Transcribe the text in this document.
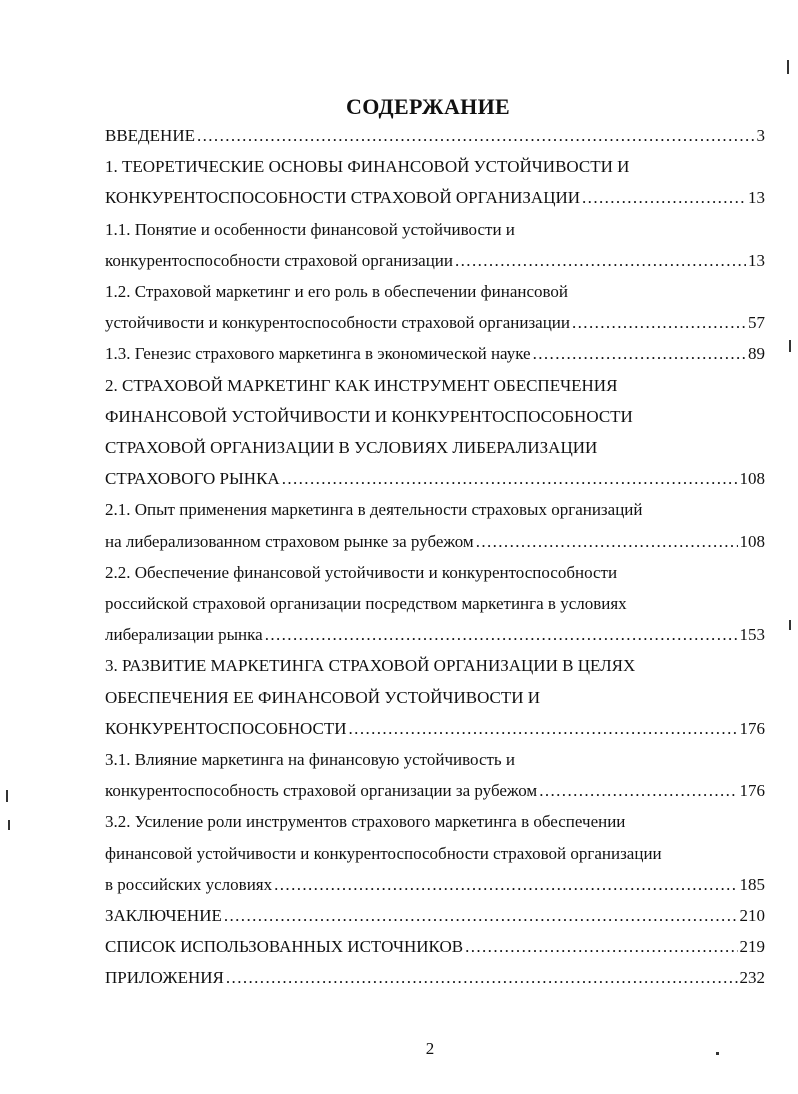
СОДЕРЖАНИЕ
ВВЕДЕНИЕ .....	3
1. ТЕОРЕТИЧЕСКИЕ ОСНОВЫ ФИНАНСОВОЙ УСТОЙЧИВОСТИ И
КОНКУРЕНТОСПОСОБНОСТИ СТРАХОВОЙ ОРГАНИЗАЦИИ .....	13
1.1. Понятие и особенности финансовой устойчивости и
конкурентоспособности страховой организации .....	13
1.2. Страховой маркетинг и его роль в обеспечении финансовой
устойчивости и конкурентоспособности страховой организации .....	57
1.3. Генезис страхового маркетинга в экономической науке .....	89
2. СТРАХОВОЙ МАРКЕТИНГ КАК ИНСТРУМЕНТ ОБЕСПЕЧЕНИЯ
ФИНАНСОВОЙ УСТОЙЧИВОСТИ И КОНКУРЕНТОСПОСОБНОСТИ
СТРАХОВОЙ ОРГАНИЗАЦИИ В УСЛОВИЯХ ЛИБЕРАЛИЗАЦИИ
СТРАХОВОГО РЫНКА .....	108
2.1. Опыт применения маркетинга в деятельности страховых организаций
на либерализованном страховом рынке за рубежом .....	108
2.2. Обеспечение финансовой устойчивости и конкурентоспособности
российской страховой организации посредством маркетинга в условиях
либерализации рынка .....	153
3. РАЗВИТИЕ МАРКЕТИНГА СТРАХОВОЙ ОРГАНИЗАЦИИ В ЦЕЛЯХ
ОБЕСПЕЧЕНИЯ ЕЕ ФИНАНСОВОЙ УСТОЙЧИВОСТИ И
КОНКУРЕНТОСПОСОБНОСТИ .....	176
3.1. Влияние маркетинга на финансовую устойчивость и
конкурентоспособность страховой организации за рубежом .....	176
3.2. Усиление роли инструментов страхового маркетинга в обеспечении
финансовой устойчивости и конкурентоспособности страховой организации
в российских условиях .....	185
ЗАКЛЮЧЕНИЕ .....	210
СПИСОК ИСПОЛЬЗОВАННЫХ ИСТОЧНИКОВ .....	219
ПРИЛОЖЕНИЯ .....	232
2
